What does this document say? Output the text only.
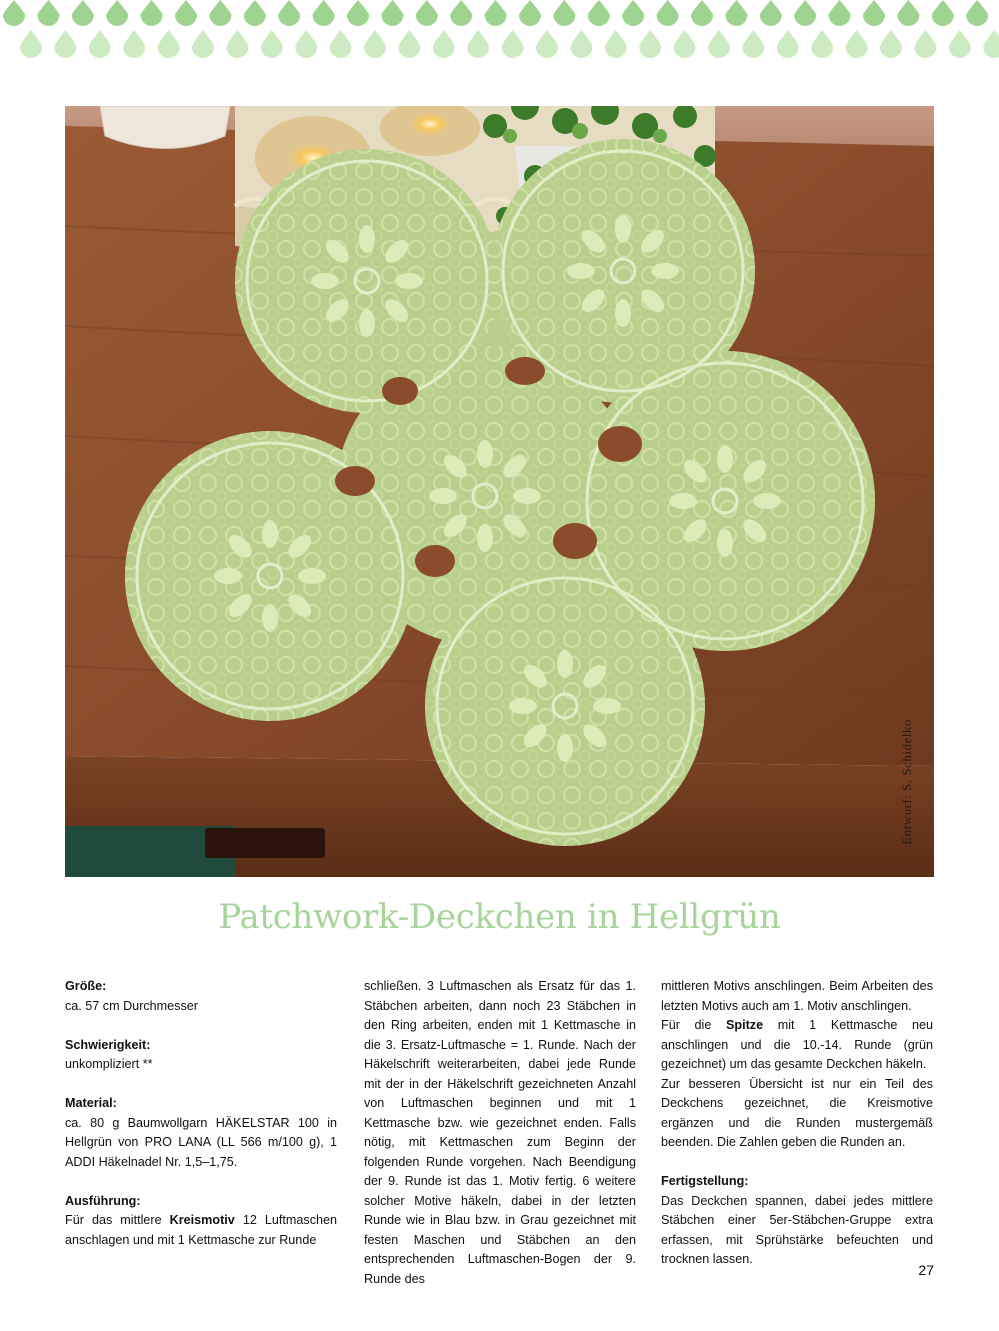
Entwurf: S. Schidelko
Patchwork-Deckchen in Hellgrün

Größe:

ca. 57 cm Durchmesser

Schwierigkeit:

unkompliziert **

Material:

ca. 80 g Baumwollgarn HÄKELSTAR 100 in Hellgrün von PRO LANA (LL 566 m/100 g), 1 ADDI Häkelnadel Nr. 1,5–1,75.

Ausführung:

Für das mittlere Kreismotiv 12 Luftmaschen anschlagen und mit 1 Kettmasche zur Runde

schließen. 3 Luftmaschen als Ersatz für das 1. Stäbchen arbeiten, dann noch 23 Stäbchen in den Ring arbeiten, enden mit 1 Kettmasche in die 3. Ersatz-Luftmasche = 1. Runde. Nach der Häkelschrift weiterarbeiten, dabei jede Runde mit der in der Häkelschrift gezeichneten Anzahl von Luftmaschen beginnen und mit 1 Kettmasche bzw. wie gezeichnet enden. Falls nötig, mit Kettmaschen zum Beginn der folgenden Runde vorgehen. Nach Beendigung der 9. Runde ist das 1. Motiv fertig. 6 weitere solcher Motive häkeln, dabei in der letzten Runde wie in Blau bzw. in Grau gezeichnet mit festen Maschen und Stäbchen an den entsprechenden Luftmaschen-Bogen der 9. Runde des

mittleren Motivs anschlingen. Beim Arbeiten des letzten Motivs auch am 1. Motiv anschlingen.

Für die Spitze mit 1 Kettmasche neu anschlingen und die 10.-14. Runde (grün gezeichnet) um das gesamte Deckchen häkeln.

Zur besseren Übersicht ist nur ein Teil des Deckchens gezeichnet, die Kreismotive ergänzen und die Runden mustergemäß beenden. Die Zahlen geben die Runden an.

Fertigstellung:

Das Deckchen spannen, dabei jedes mittlere Stäbchen einer 5er-Stäbchen-Gruppe extra erfassen, mit Sprühstärke befeuchten und trocknen lassen.

27
